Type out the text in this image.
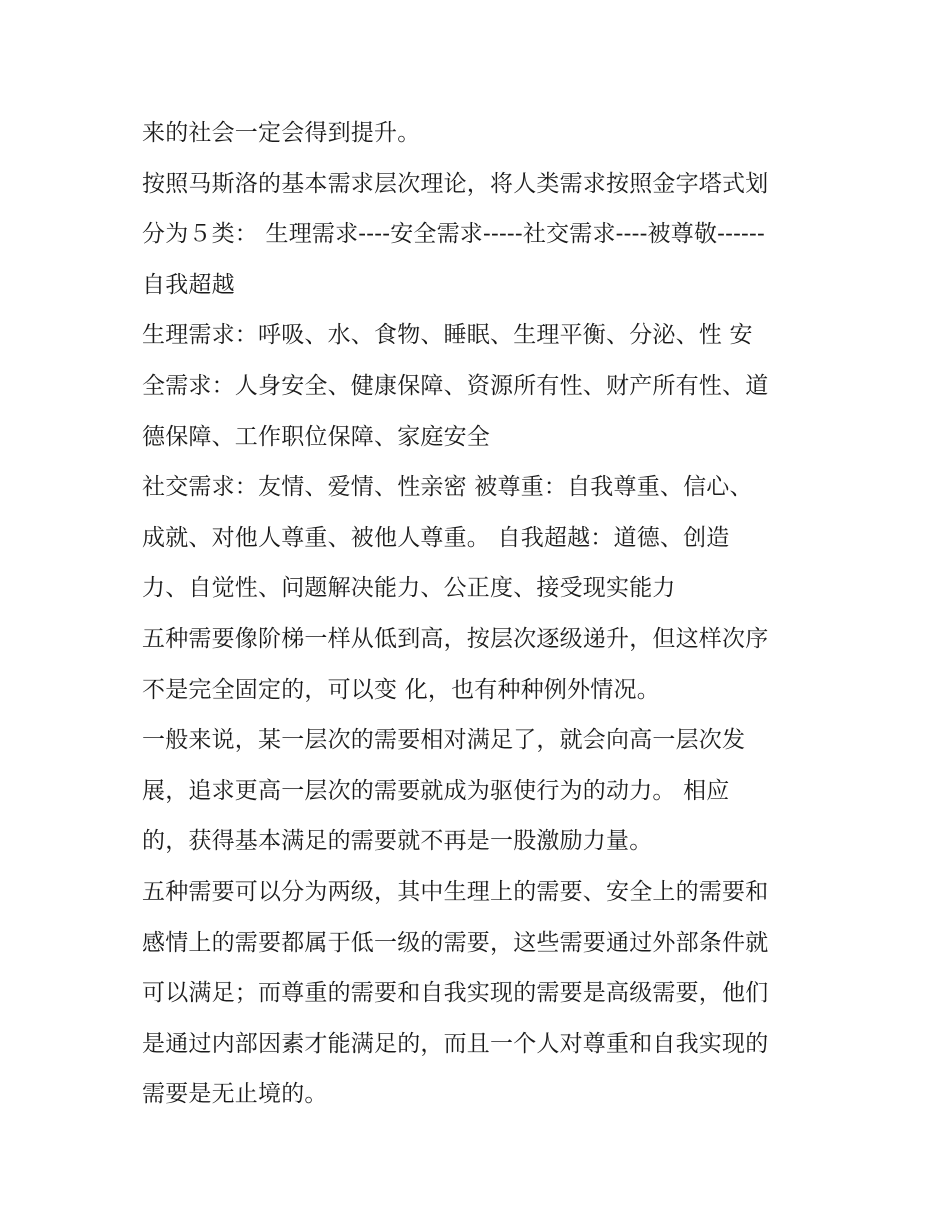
来的社会一定会得到提升。
按照马斯洛的基本需求层次理论，将人类需求按照金字塔式划
分为５类： 生理需求----安全需求-----社交需求----被尊敬------
自我超越
生理需求：呼吸、水、食物、睡眠、生理平衡、分泌、性 安
全需求：人身安全、健康保障、资源所有性、财产所有性、道
德保障、工作职位保障、家庭安全
社交需求：友情、爱情、性亲密 被尊重：自我尊重、信心、
成就、对他人尊重、被他人尊重。 自我超越：道德、创造
力、自觉性、问题解决能力、公正度、接受现实能力
五种需要像阶梯一样从低到高，按层次逐级递升，但这样次序
不是完全固定的，可以变 化，也有种种例外情况。
一般来说，某一层次的需要相对满足了，就会向高一层次发
展，追求更高一层次的需要就成为驱使行为的动力。 相应
的，获得基本满足的需要就不再是一股激励力量。
五种需要可以分为两级，其中生理上的需要、安全上的需要和
感情上的需要都属于低一级的需要，这些需要通过外部条件就
可以满足；而尊重的需要和自我实现的需要是高级需要，他们
是通过内部因素才能满足的，而且一个人对尊重和自我实现的
需要是无止境的。
